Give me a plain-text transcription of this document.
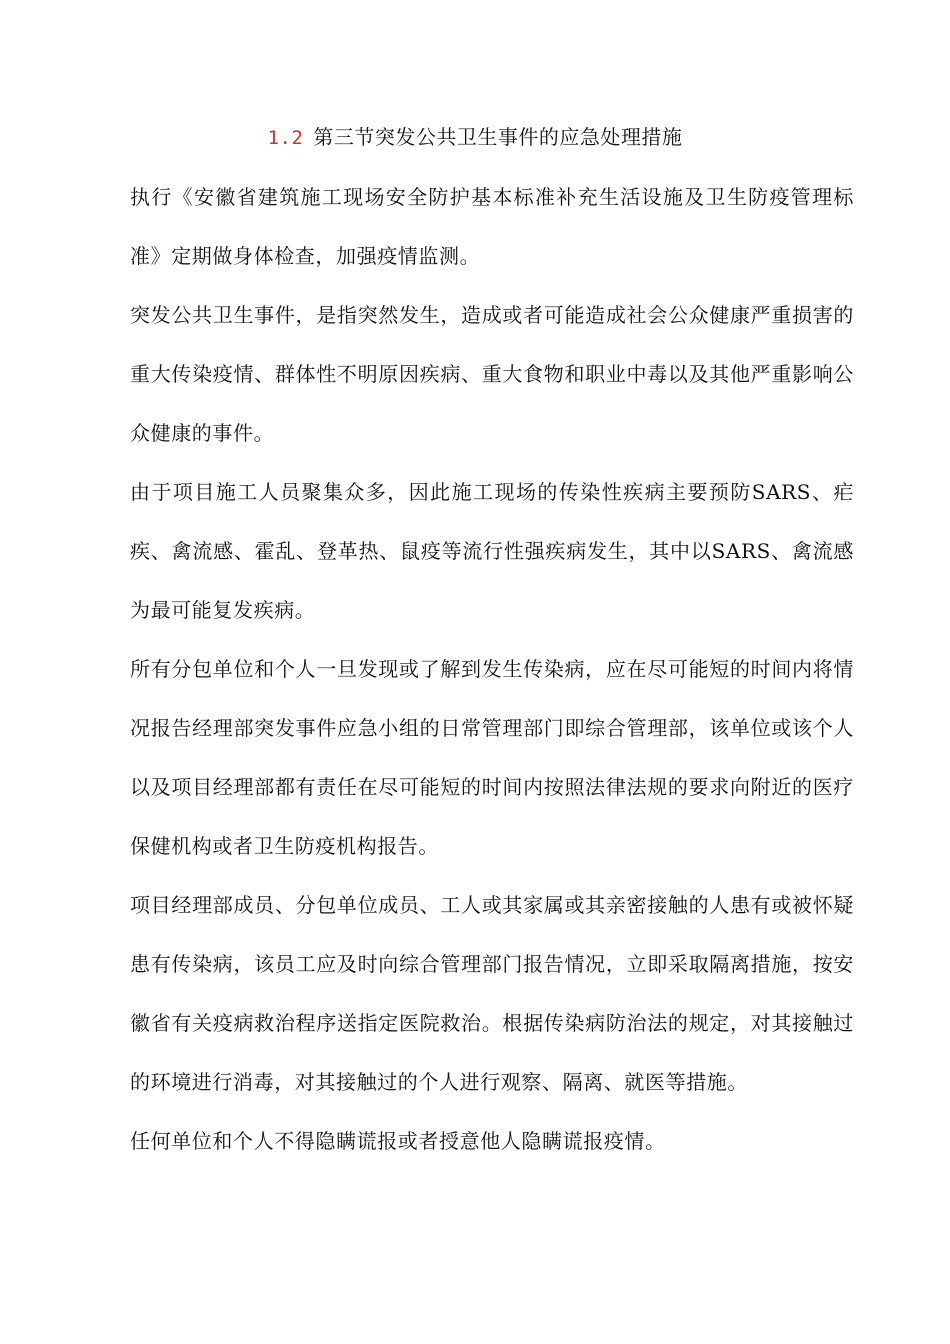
1.2 第三节突发公共卫生事件的应急处理措施

执行《安徽省建筑施工现场安全防护基本标准补充生活设施及卫生防疫管理标准》定期做身体检查，加强疫情监测。

突发公共卫生事件，是指突然发生，造成或者可能造成社会公众健康严重损害的重大传染疫情、群体性不明原因疾病、重大食物和职业中毒以及其他严重影响公众健康的事件。

由于项目施工人员聚集众多，因此施工现场的传染性疾病主要预防SARS、疟疾、禽流感、霍乱、登革热、鼠疫等流行性强疾病发生，其中以SARS、禽流感为最可能复发疾病。

所有分包单位和个人一旦发现或了解到发生传染病，应在尽可能短的时间内将情况报告经理部突发事件应急小组的日常管理部门即综合管理部，该单位或该个人以及项目经理部都有责任在尽可能短的时间内按照法律法规的要求向附近的医疗保健机构或者卫生防疫机构报告。

项目经理部成员、分包单位成员、工人或其家属或其亲密接触的人患有或被怀疑患有传染病，该员工应及时向综合管理部门报告情况，立即采取隔离措施，按安徽省有关疫病救治程序送指定医院救治。根据传染病防治法的规定，对其接触过的环境进行消毒，对其接触过的个人进行观察、隔离、就医等措施。

任何单位和个人不得隐瞒谎报或者授意他人隐瞒谎报疫情。
